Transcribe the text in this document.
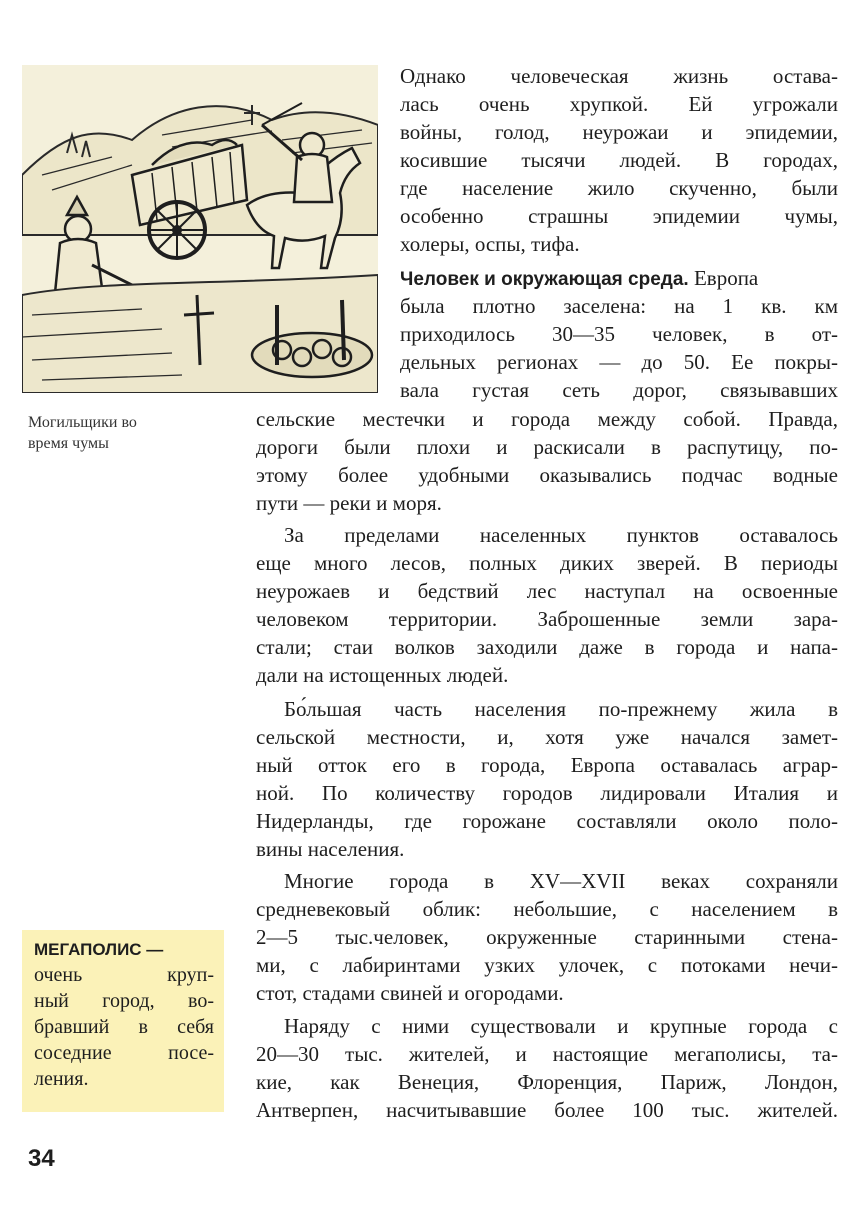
Могильщики во
время чумы
Однако человеческая жизнь остава-
лась очень хрупкой. Ей угрожали
войны, голод, неурожаи и эпидемии,
косившие тысячи людей. В городах,
где население жило скученно, были
особенно страшны эпидемии чумы,
холеры, оспы, тифа.
Человек и окружающая среда. Европа
была плотно заселена: на 1 кв. км
приходилось 30—35 человек, в от-
дельных регионах — до 50. Ее покры-
вала густая сеть дорог, связывавших
сельские местечки и города между собой. Правда,
дороги были плохи и раскисали в распутицу, по-
этому более удобными оказывались подчас водные
пути — реки и моря.
За пределами населенных пунктов оставалось
еще много лесов, полных диких зверей. В периоды
неурожаев и бедствий лес наступал на освоенные
человеком территории. Заброшенные земли зара-
стали; стаи волков заходили даже в города и напа-
дали на истощенных людей.
Бо́льшая часть населения по-прежнему жила в
сельской местности, и, хотя уже начался замет-
ный отток его в города, Европа оставалась аграр-
ной. По количеству городов лидировали Италия и
Нидерланды, где горожане составляли около поло-
вины населения.
Многие города в XV—XVII веках сохраняли
средневековый облик: небольшие, с населением в
2—5 тыс.человек, окруженные старинными стена-
ми, с лабиринтами узких улочек, с потоками нечи-
стот, стадами свиней и огородами.
Наряду с ними существовали и крупные города с
20—30 тыс. жителей, и настоящие мегаполисы, та-
кие, как Венеция, Флоренция, Париж, Лондон,
Антверпен, насчитывавшие более 100 тыс. жителей.
МЕГАПОЛИС —
очень круп-
ный город, во-
бравший в себя
соседние посе-
ления.
34
